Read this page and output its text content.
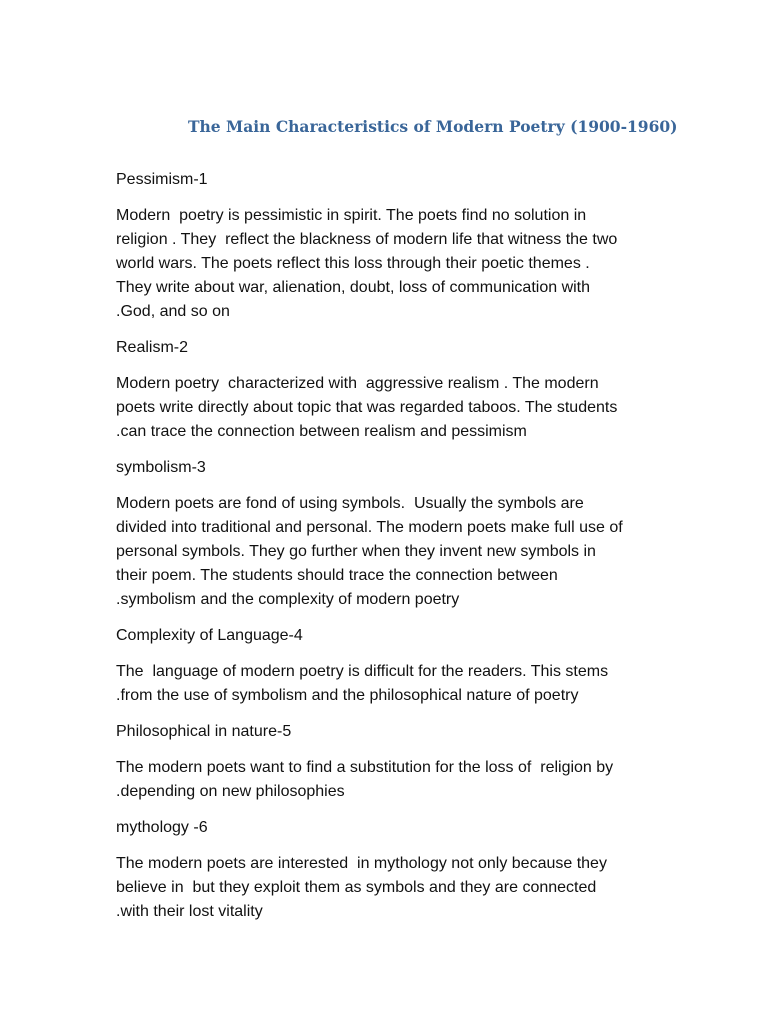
The Main Characteristics of Modern Poetry (1900-1960)

Pessimism-1

Modern  poetry is pessimistic in spirit. The poets find no solution in
religion . They  reflect the blackness of modern life that witness the two
world wars. The poets reflect this loss through their poetic themes .
They write about war, alienation, doubt, loss of communication with
.God, and so on

Realism-2

Modern poetry  characterized with  aggressive realism . The modern
poets write directly about topic that was regarded taboos. The students
.can trace the connection between realism and pessimism

symbolism-3

Modern poets are fond of using symbols.  Usually the symbols are
divided into traditional and personal. The modern poets make full use of
personal symbols. They go further when they invent new symbols in
their poem. The students should trace the connection between
.symbolism and the complexity of modern poetry

Complexity of Language-4

The  language of modern poetry is difficult for the readers. This stems
.from the use of symbolism and the philosophical nature of poetry

Philosophical in nature-5

The modern poets want to find a substitution for the loss of  religion by
.depending on new philosophies

mythology -6

The modern poets are interested  in mythology not only because they
believe in  but they exploit them as symbols and they are connected
.with their lost vitality
